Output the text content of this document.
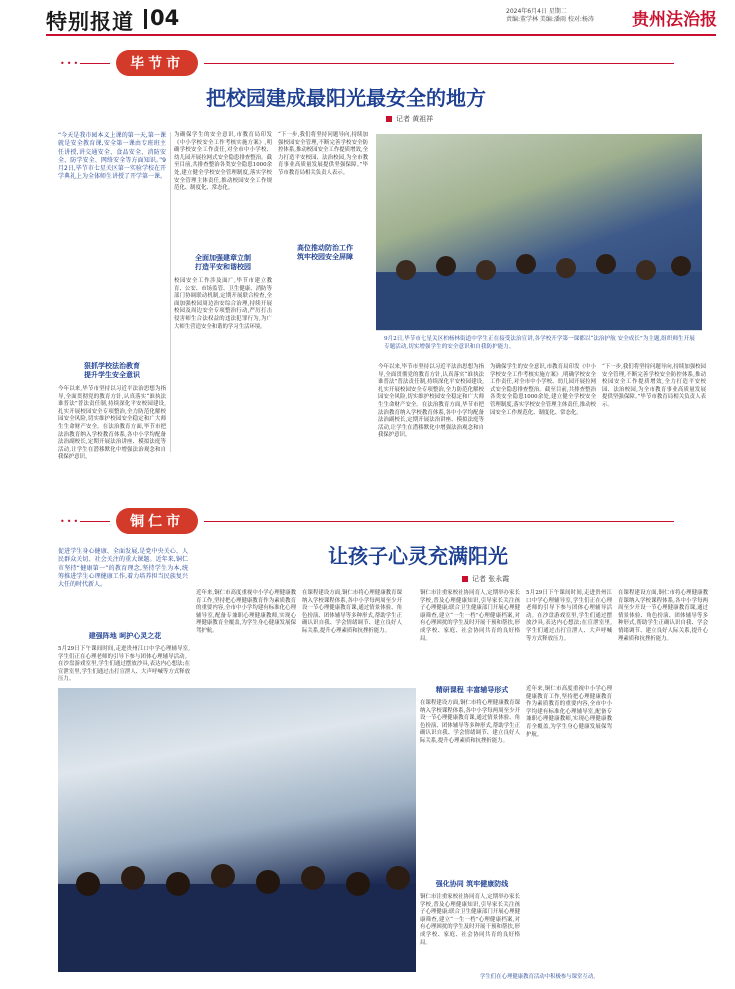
特别报道 04	2024年6月4日 星期二
责编:董学林 美编:潘雨 校对:杨涛 贵州法治报
•••	毕节市
把校园建成最阳光最安全的地方
记者 黄祖祥
“今天是我市园本义上课的第一天,第一课就是安全教育课,安全第一课由专班班主任讲授,讲交通安全、食品安全、消防安全、防学安全、网络安全等方面知识。”9月2日,毕节市七星关区第一实验学校在开学典礼上为全体师生讲授了开学第一课。
狠抓学校法治教育
提升学生安全意识
今年以来,毕节市坚持以习近平法治思想为指导,全面贯彻党的教育方针,认真落实“谁执法谁普法”普法责任制,持续深化平安校园建设,扎实开展校园安全专项整治,全力防范化解校园安全风险,切实维护校园安全稳定和广大师生生命财产安全。在法治教育方面,毕节市把法治教育纳入学校教育体系,各中小学均配备法治副校长,定期开展法治讲座、模拟法庭等活动,让学生在潜移默化中增强法治观念和自我保护意识。
为确保学生的安全意识,市教育局印发《中小学校安全工作考核实施方案》,明确学校安全工作责任,对全市中小学校、幼儿园开展拉网式安全隐患排查整治。截至目前,共排查整治各类安全隐患1000余处,建立健全学校安全管理制度,落实学校安全管理主体责任,推动校园安全工作规范化、制度化、常态化。
全面加强建章立制
打造平安和谐校园
校园安全工作涉及面广,毕节市建立教育、公安、市场监管、卫生健康、消防等部门协调联动机制,定期开展联合检查,全面加强校园周边治安综合治理,持续开展校园及周边安全专项整治行动,严厉打击侵害师生合法权益的违法犯罪行为,为广大师生营造安全和谐的学习生活环境。
“下一步,我们将坚持问题导向,持续加强校园安全管理,不断完善学校安全防控体系,推动校园安全工作提质增效,全力打造平安校园、法治校园,为全市教育事业高质量发展提供坚强保障。”毕节市教育局相关负责人表示。
高位推动防治工作
筑牢校园安全屏障
9月2日,毕节市七星关区柏杨林街道中学生正在接受法治宣讲,各学校开学第一课都以“法治护航 安全成长”为主题,组织师生开展专题活动,切实增强学生的安全意识和自我防护能力。
今年以来,毕节市坚持以习近平法治思想为指导,全面贯彻党的教育方针,认真落实“谁执法谁普法”普法责任制,持续深化平安校园建设,扎实开展校园安全专项整治,全力防范化解校园安全风险,切实维护校园安全稳定和广大师生生命财产安全。在法治教育方面,毕节市把法治教育纳入学校教育体系,各中小学均配备法治副校长,定期开展法治讲座、模拟法庭等活动,让学生在潜移默化中增强法治观念和自我保护意识。
为确保学生的安全意识,市教育局印发《中小学校安全工作考核实施方案》,明确学校安全工作责任,对全市中小学校、幼儿园开展拉网式安全隐患排查整治。截至目前,共排查整治各类安全隐患1000余处,建立健全学校安全管理制度,落实学校安全管理主体责任,推动校园安全工作规范化、制度化、常态化。
“下一步,我们将坚持问题导向,持续加强校园安全管理,不断完善学校安全防控体系,推动校园安全工作提质增效,全力打造平安校园、法治校园,为全市教育事业高质量发展提供坚强保障。”毕节市教育局相关负责人表示。
•••	铜仁市
促进学生身心健康、全面发展,是党中央关心、人民群众关切、社会关注的重大课题。近年来,铜仁市坚持“健康第一”的教育理念,坚持学生为本,统筹推进学生心理健康工作,着力培养担当民族复兴大任的时代新人。
让孩子心灵充满阳光
记者 张永霞
近年来,铜仁市高度重视中小学心理健康教育工作,坚持把心理健康教育作为素质教育的重要内容,全市中小学均建有标准化心理辅导室,配备专兼职心理健康教师,实现心理健康教育全覆盖,为学生身心健康发展保驾护航。
在课程建设方面,铜仁市将心理健康教育课纳入学校课程体系,各中小学每两周至少开设一节心理健康教育课,通过情景体验、角色扮演、团体辅导等多种形式,帮助学生正确认识自我、学会情绪调节、建立良好人际关系,提升心理素质和抗挫折能力。
建强阵地 呵护心灵之花
5月29日下午课间时间,走进贵州江口中学心理辅导室,学生们正在心理老师的引导下参与团体心理辅导活动。在沙盘游戏室里,学生们通过摆放沙具,表达内心想法;在宣泄室里,学生们通过击打宣泄人、大声呼喊等方式释放压力。
铜仁市注重家校社协同育人,定期举办家长学校,普及心理健康知识,引导家长关注孩子心理健康;联合卫生健康部门开展心理健康筛查,建立“一生一档”心理健康档案,对有心理困扰的学生及时开展干预和帮扶,形成学校、家庭、社会协同共育的良好格局。
5月29日下午课间时间,走进贵州江口中学心理辅导室,学生们正在心理老师的引导下参与团体心理辅导活动。在沙盘游戏室里,学生们通过摆放沙具,表达内心想法;在宣泄室里,学生们通过击打宣泄人、大声呼喊等方式释放压力。
在课程建设方面,铜仁市将心理健康教育课纳入学校课程体系,各中小学每两周至少开设一节心理健康教育课,通过情景体验、角色扮演、团体辅导等多种形式,帮助学生正确认识自我、学会情绪调节、建立良好人际关系,提升心理素质和抗挫折能力。
精研课程 丰富辅导形式
在课程建设方面,铜仁市将心理健康教育课纳入学校课程体系,各中小学每两周至少开设一节心理健康教育课,通过情景体验、角色扮演、团体辅导等多种形式,帮助学生正确认识自我、学会情绪调节、建立良好人际关系,提升心理素质和抗挫折能力。
近年来,铜仁市高度重视中小学心理健康教育工作,坚持把心理健康教育作为素质教育的重要内容,全市中小学均建有标准化心理辅导室,配备专兼职心理健康教师,实现心理健康教育全覆盖,为学生身心健康发展保驾护航。
强化协同 筑牢健康防线
铜仁市注重家校社协同育人,定期举办家长学校,普及心理健康知识,引导家长关注孩子心理健康;联合卫生健康部门开展心理健康筛查,建立“一生一档”心理健康档案,对有心理困扰的学生及时开展干预和帮扶,形成学校、家庭、社会协同共育的良好格局。
学生们在心理健康教育活动中积极参与课堂互动。
